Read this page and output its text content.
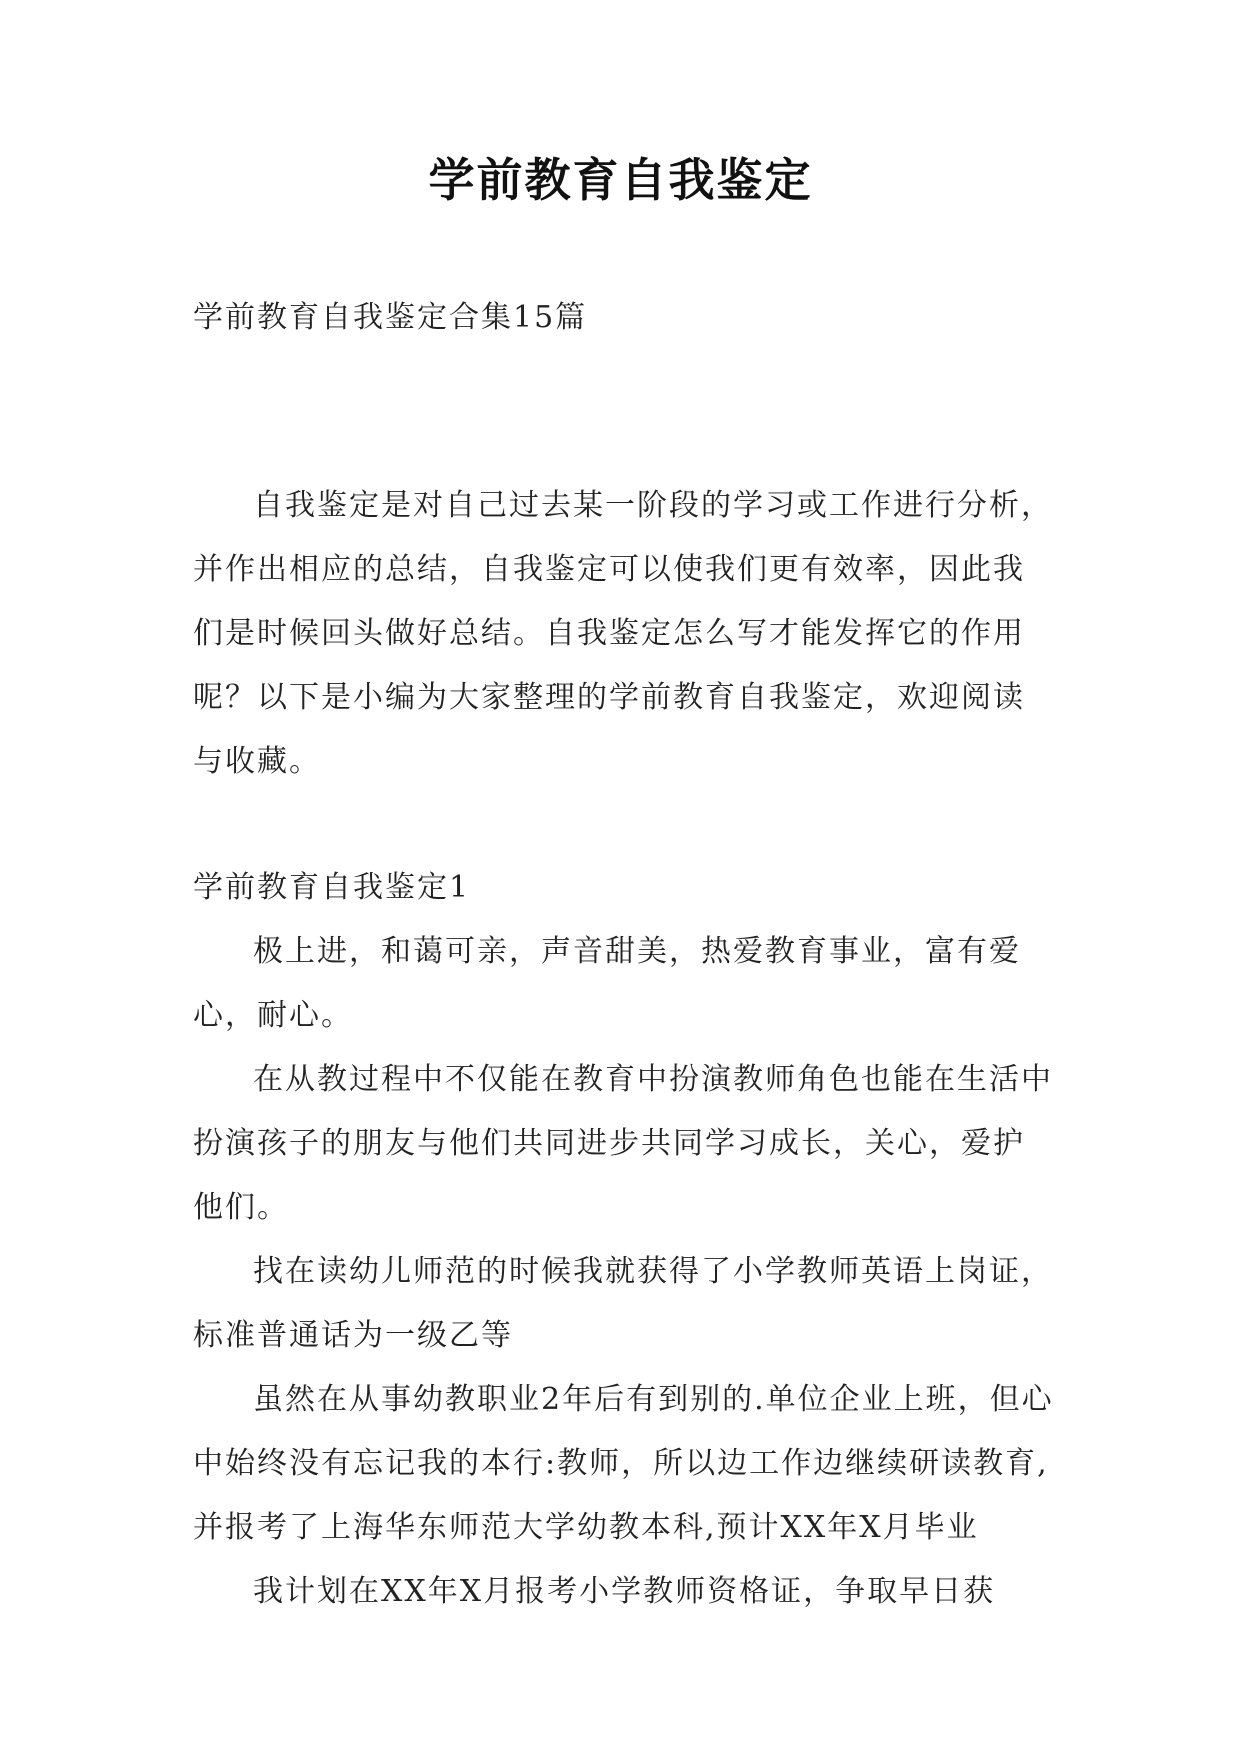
学前教育自我鉴定

学前教育自我鉴定合集15篇

自我鉴定是对自己过去某一阶段的学习或工作进行分析，并作出相应的总结，自我鉴定可以使我们更有效率，因此我们是时候回头做好总结。自我鉴定怎么写才能发挥它的作用呢？以下是小编为大家整理的学前教育自我鉴定，欢迎阅读与收藏。

学前教育自我鉴定1

极上进，和蔼可亲，声音甜美，热爱教育事业，富有爱心，耐心。

在从教过程中不仅能在教育中扮演教师角色也能在生活中扮演孩子的朋友与他们共同进步共同学习成长，关心，爱护他们。

找在读幼儿师范的时候我就获得了小学教师英语上岗证，标准普通话为一级乙等

虽然在从事幼教职业2年后有到别的.单位企业上班，但心中始终没有忘记我的本行:教师，所以边工作边继续研读教育,并报考了上海华东师范大学幼教本科,预计XX年X月毕业

我计划在XX年X月报考小学教师资格证，争取早日获
